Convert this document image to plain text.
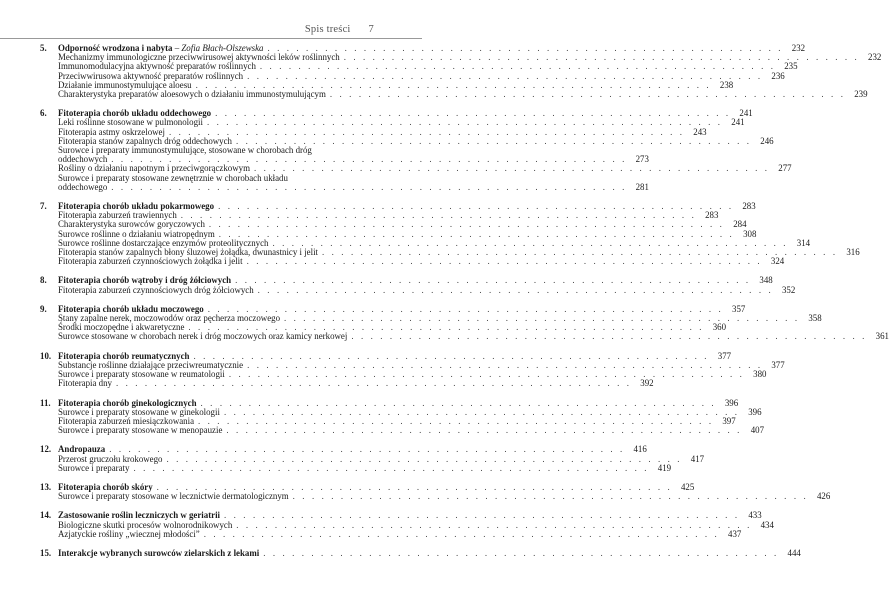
Spis treści 7
5.	Odporność wrodzona i nabyta – Zofia Błach-Olszewska . . .	232
Mechanizmy immunologiczne przeciwwirusowej aktywności leków roślinnych . . .	232
Immunomodulacyjna aktywność preparatów roślinnych . . .	235
Przeciwwirusowa aktywność preparatów roślinnych . . .	236
Działanie immunostymulujące aloesu . . .	238
Charakterystyka preparatów aloesowych o działaniu immunostymulującym . . .	239
6.	Fitoterapia chorób układu oddechowego . . .	241
Leki roślinne stosowane w pulmonologii . . .	241
Fitoterapia astmy oskrzelowej . . .	243
Fitoterapia stanów zapalnych dróg oddechowych . . .	246
Surowce i preparaty immunostymulujące, stosowane w chorobach dróg
oddechowych . . .	273
Rośliny o działaniu napotnym i przeciwgorączkowym . . .	277
Surowce i preparaty stosowane zewnętrznie w chorobach układu
oddechowego . . .	281
7.	Fitoterapia chorób układu pokarmowego . . .	283
Fitoterapia zaburzeń trawiennych . . .	283
Charakterystyka surowców goryczowych . . .	284
Surowce roślinne o działaniu wiatropędnym . . .	308
Surowce roślinne dostarczające enzymów proteolitycznych . . .	314
Fitoterapia stanów zapalnych błony śluzowej żołądka, dwunastnicy i jelit . . .	316
Fitoterapia zaburzeń czynnościowych żołądka i jelit . . .	324
8.	Fitoterapia chorób wątroby i dróg żółciowych . . .	348
Fitoterapia zaburzeń czynnościowych dróg żółciowych . . .	352
9.	Fitoterapia chorób układu moczowego . . .	357
Stany zapalne nerek, moczowodów oraz pęcherza moczowego . . .	358
Środki moczopędne i akwaretyczne . . .	360
Surowce stosowane w chorobach nerek i dróg moczowych oraz kamicy nerkowej . . .	361
10. Fitoterapia chorób reumatycznych . . .	377
Substancje roślinne działające przeciwreumatycznie . . .	377
Surowce i preparaty stosowane w reumatologii . . .	380
Fitoterapia dny . . .	392
11. Fitoterapia chorób ginekologicznych . . .	396
Surowce i preparaty stosowane w ginekologii . . .	396
Fitoterapia zaburzeń miesiączkowania . . .	397
Surowce i preparaty stosowane w menopauzie . . .	407
12. Andropauza . . .	416
Przerost gruczołu krokowego . . .	417
Surowce i preparaty . . .	419
13. Fitoterapia chorób skóry . . .	425
Surowce i preparaty stosowane w lecznictwie dermatologicznym . . .	426
14. Zastosowanie roślin leczniczych w geriatrii . . .	433
Biologiczne skutki procesów wolnorodnikowych . . .	434
Azjatyckie rośliny „wiecznej młodości” . . .	437
15. Interakcje wybranych surowców zielarskich z lekami . . .	444
